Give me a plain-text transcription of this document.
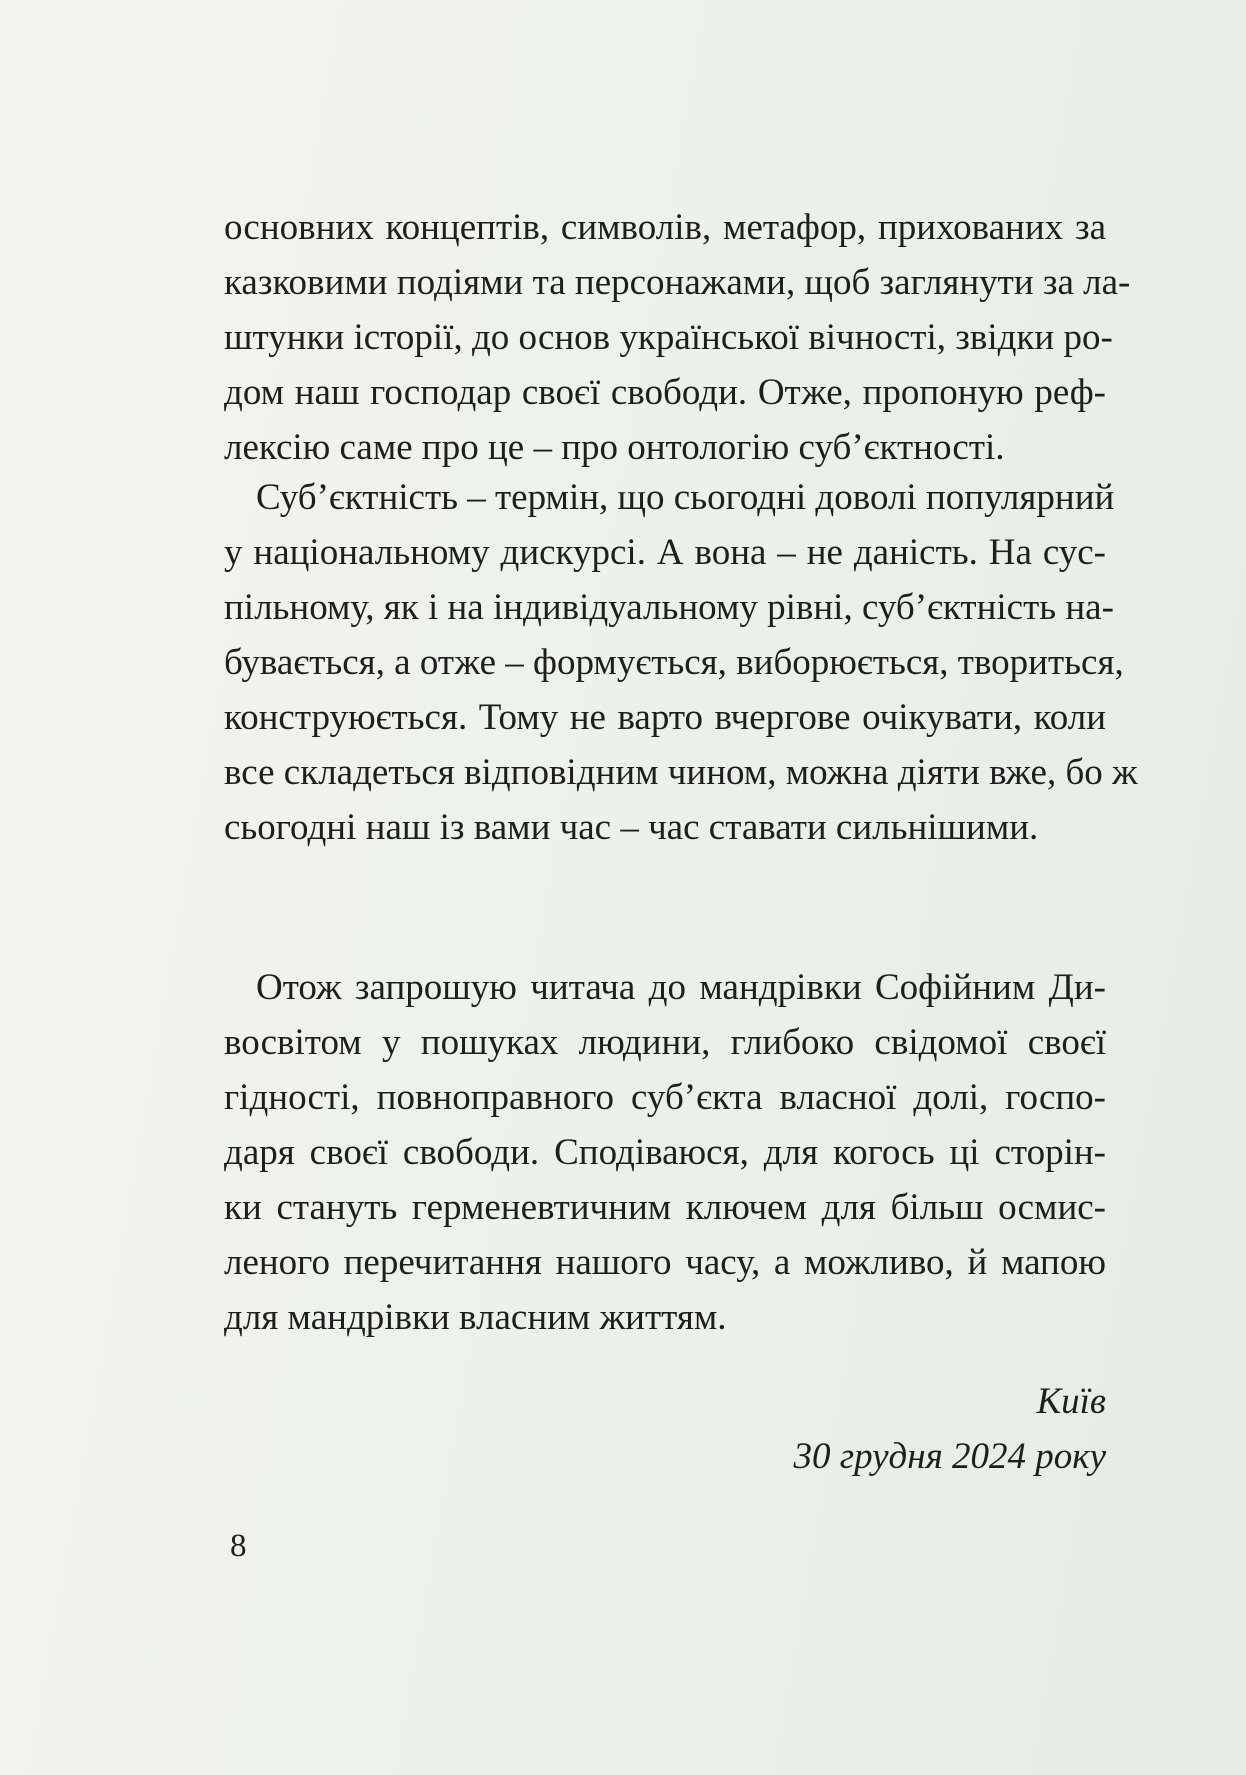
основних концептів, символів, метафор, прихованих за
казковими подіями та персонажами, щоб заглянути за ла-
штунки історії, до основ української вічності, звідки ро-
дом наш господар своєї свободи. Отже, пропоную реф-
лексію саме про це – про онтологію суб’єктності.
Суб’єктність – термін, що сьогодні доволі популярний
у національному дискурсі. А вона – не даність. На сус-
пільному, як і на індивідуальному рівні, суб’єктність на-
бувається, а отже – формується, виборюється, твориться,
конструюється. Тому не варто вчергове очікувати, коли
все складеться відповідним чином, можна діяти вже, бо ж
сьогодні наш із вами час – час ставати сильнішими.
Отож запрошую читача до мандрівки Софійним Ди-
восвітом у пошуках людини, глибоко свідомої своєї
гідності, повноправного суб’єкта власної долі, госпо-
даря своєї свободи. Сподіваюся, для когось ці сторін-
ки стануть герменевтичним ключем для більш осмис-
леного перечитання нашого часу, а можливо, й мапою
для мандрівки власним життям.
Київ
30 грудня 2024 року
8
